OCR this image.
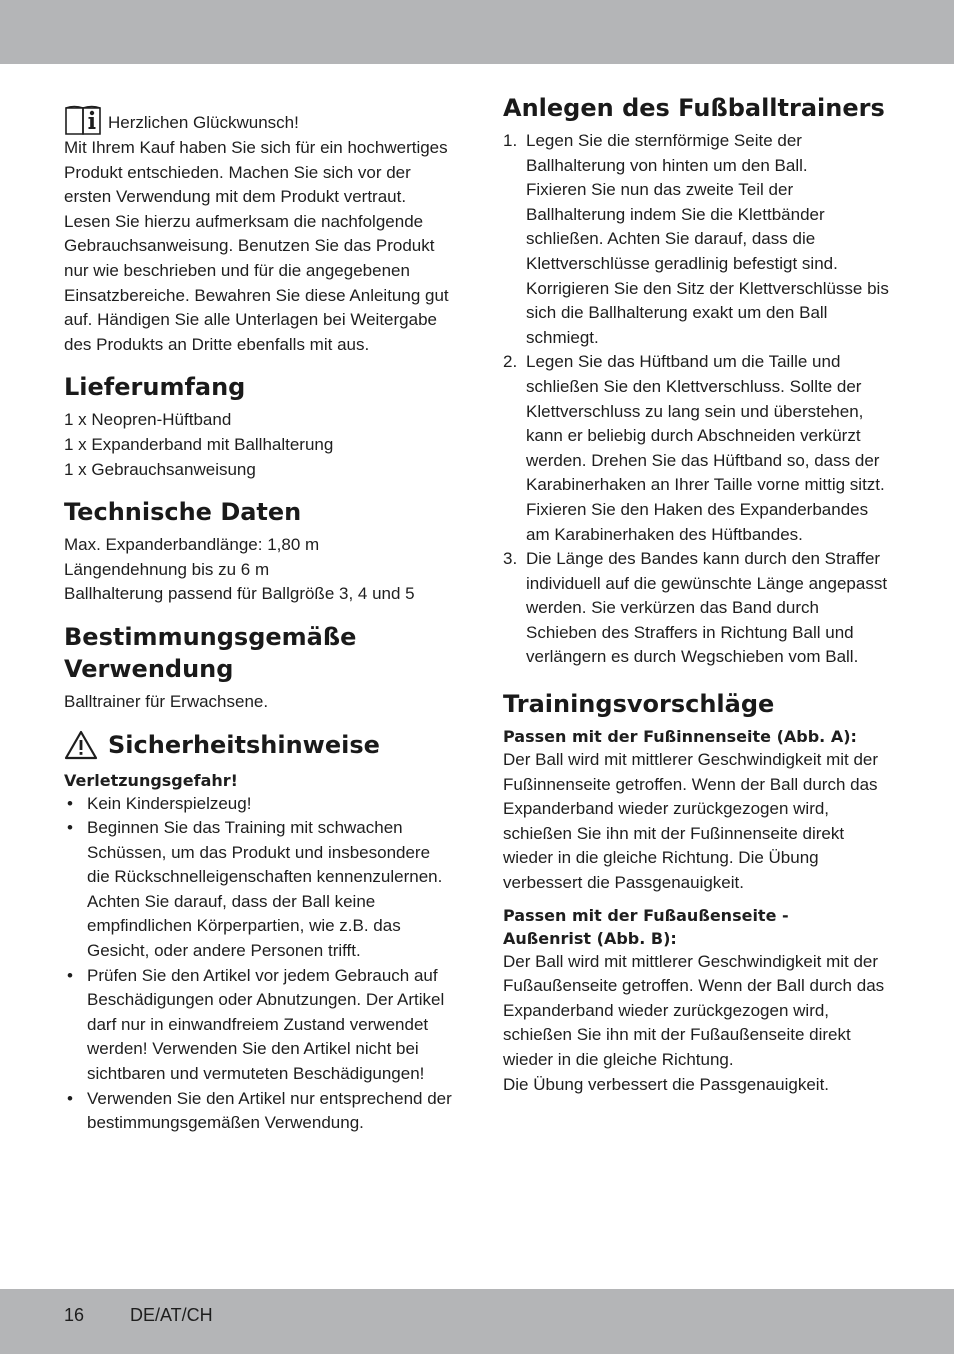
Herzlichen Glückwunsch!

Mit Ihrem Kauf haben Sie sich für ein hochwertiges Produkt entschieden. Machen Sie sich vor der ersten Verwendung mit dem Produkt vertraut. Lesen Sie hierzu aufmerksam die nachfolgende Gebrauchsanweisung. Benutzen Sie das Produkt nur wie beschrieben und für die angegebenen Einsatzbereiche. Bewahren Sie diese Anleitung gut auf. Händigen Sie alle Unterlagen bei Weitergabe des Produkts an Dritte ebenfalls mit aus.

Lieferumfang
1 x Neopren-Hüftband
1 x Expanderband mit Ballhalterung
1 x Gebrauchsanweisung
Technische Daten
Max. Expanderbandlänge: 1,80 m
Längendehnung bis zu 6 m
Ballhalterung passend für Ballgröße 3, 4 und 5
Bestimmungsgemäße Verwendung

Balltrainer für Erwachsene.

Sicherheitshinweise
Verletzungsgefahr!
• Kein Kinderspielzeug!
• Beginnen Sie das Training mit schwachen Schüssen, um das Produkt und insbesondere die Rückschnelleigenschaften kennenzulernen. Achten Sie darauf, dass der Ball keine empfindlichen Körperpartien, wie z.B. das Gesicht, oder andere Personen trifft.
• Prüfen Sie den Artikel vor jedem Gebrauch auf Beschädigungen oder Abnutzungen. Der Artikel darf nur in einwandfreiem Zustand verwendet werden! Verwenden Sie den Artikel nicht bei sichtbaren und vermuteten Beschädigungen!
• Verwenden Sie den Artikel nur entsprechend der bestimmungsgemäßen Verwendung.
Anlegen des Fußballtrainers
1. Legen Sie die sternförmige Seite der Ballhalterung von hinten um den Ball.
Fixieren Sie nun das zweite Teil der Ballhalterung indem Sie die Klettbänder schließen. Achten Sie darauf, dass die Klettverschlüsse geradlinig befestigt sind.
Korrigieren Sie den Sitz der Klettverschlüsse bis sich die Ballhalterung exakt um den Ball schmiegt.
2. Legen Sie das Hüftband um die Taille und schließen Sie den Klettverschluss. Sollte der Klettverschluss zu lang sein und überstehen, kann er beliebig durch Abschneiden verkürzt werden. Drehen Sie das Hüftband so, dass der Karabinerhaken an Ihrer Taille vorne mittig sitzt. Fixieren Sie den Haken des Expanderbandes am Karabinerhaken des Hüftbandes.
3. Die Länge des Bandes kann durch den Straffer individuell auf die gewünschte Länge angepasst werden. Sie verkürzen das Band durch Schieben des Straffers in Richtung Ball und verlängern es durch Wegschieben vom Ball.
Trainingsvorschläge
Passen mit der Fußinnenseite (Abb. A):

Der Ball wird mit mittlerer Geschwindigkeit mit der Fußinnenseite getroffen. Wenn der Ball durch das Expanderband wieder zurückgezogen wird, schießen Sie ihn mit der Fußinnenseite direkt wieder in die gleiche Richtung. Die Übung verbessert die Passgenauigkeit.

Passen mit der Fußaußenseite -
Außenrist (Abb. B):

Der Ball wird mit mittlerer Geschwindigkeit mit der Fußaußenseite getroffen. Wenn der Ball durch das Expanderband wieder zurückgezogen wird, schießen Sie ihn mit der Fußaußenseite direkt wieder in die gleiche Richtung.

Die Übung verbessert die Passgenauigkeit.

16	DE/AT/CH
